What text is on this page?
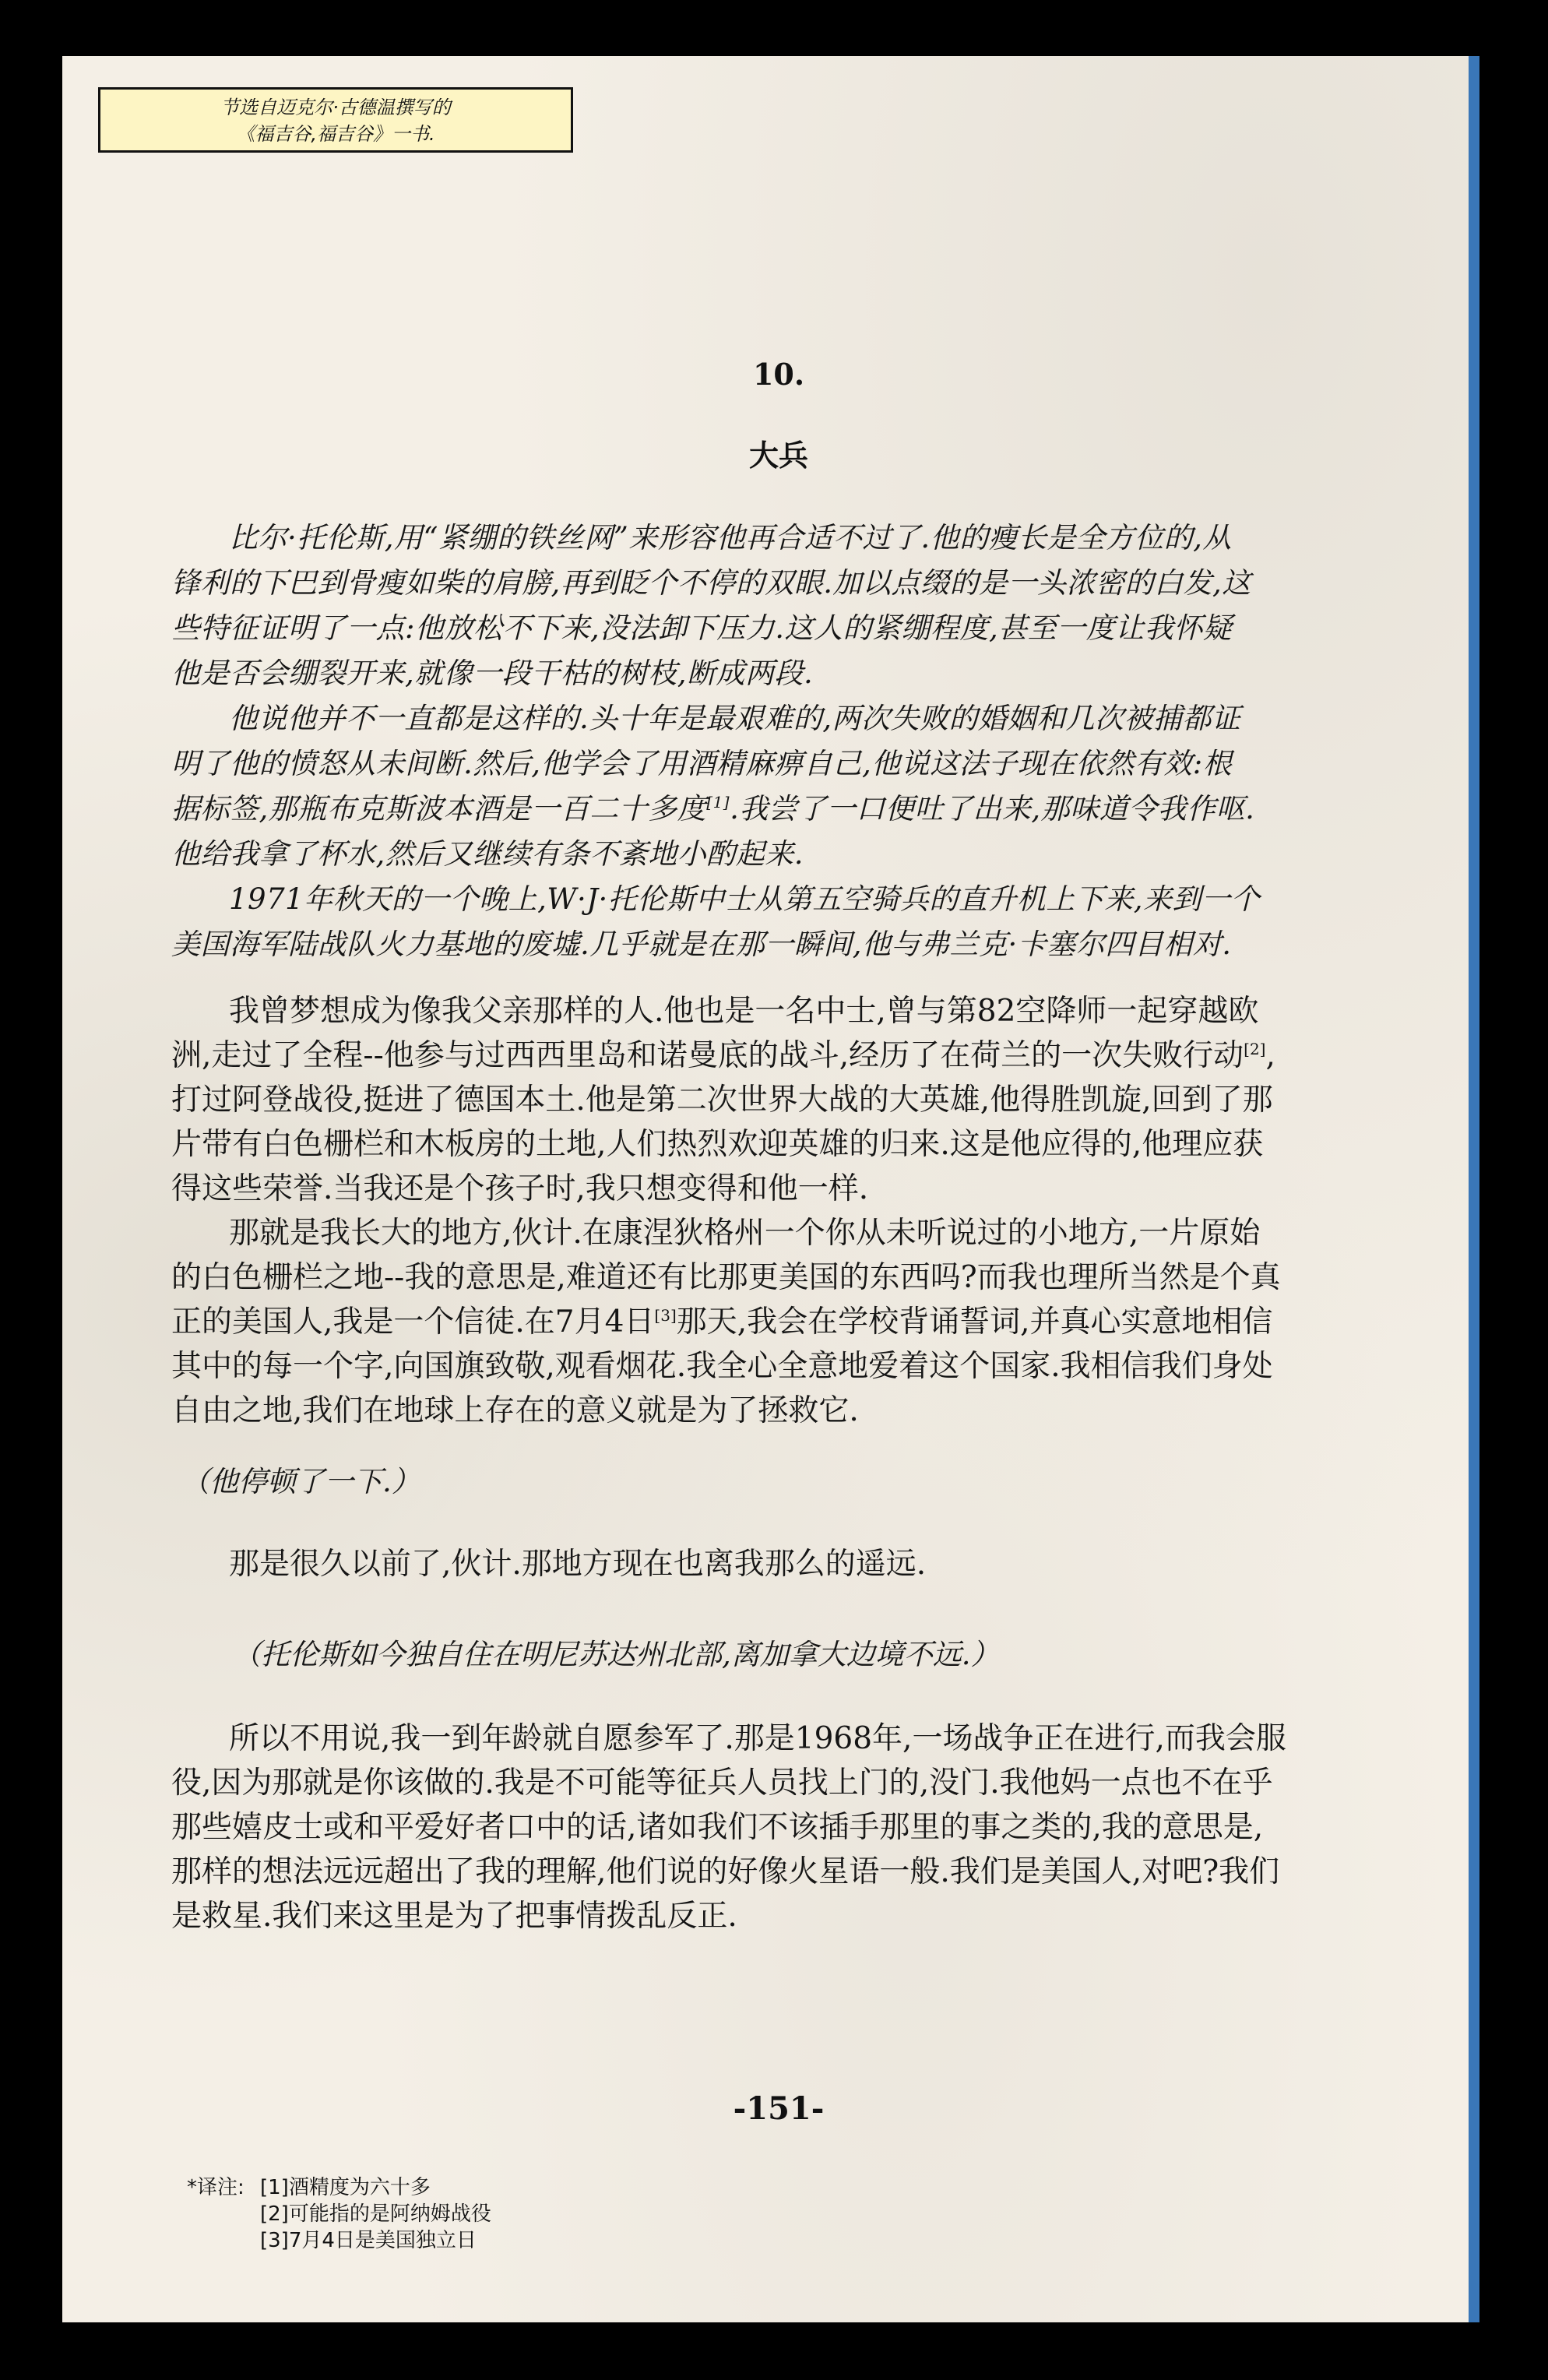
节选自迈克尔·古德温撰写的
《福吉谷,福吉谷》一书.
10.
大兵
比尔·托伦斯,用“紧绷的铁丝网”来形容他再合适不过了.他的瘦长是全方位的,从
锋利的下巴到骨瘦如柴的肩膀,再到眨个不停的双眼.加以点缀的是一头浓密的白发,这
些特征证明了一点:他放松不下来,没法卸下压力.这人的紧绷程度,甚至一度让我怀疑
他是否会绷裂开来,就像一段干枯的树枝,断成两段.
他说他并不一直都是这样的.头十年是最艰难的,两次失败的婚姻和几次被捕都证
明了他的愤怒从未间断.然后,他学会了用酒精麻痹自己,他说这法子现在依然有效:根
据标签,那瓶布克斯波本酒是一百二十多度[1].我尝了一口便吐了出来,那味道令我作呕.
他给我拿了杯水,然后又继续有条不紊地小酌起来.
1971年秋天的一个晚上,W·J·托伦斯中士从第五空骑兵的直升机上下来,来到一个
美国海军陆战队火力基地的废墟.几乎就是在那一瞬间,他与弗兰克·卡塞尔四目相对.
我曾梦想成为像我父亲那样的人.他也是一名中士,曾与第82空降师一起穿越欧
洲,走过了全程--他参与过西西里岛和诺曼底的战斗,经历了在荷兰的一次失败行动[2],
打过阿登战役,挺进了德国本土.他是第二次世界大战的大英雄,他得胜凯旋,回到了那
片带有白色栅栏和木板房的土地,人们热烈欢迎英雄的归来.这是他应得的,他理应获
得这些荣誉.当我还是个孩子时,我只想变得和他一样.
那就是我长大的地方,伙计.在康涅狄格州一个你从未听说过的小地方,一片原始
的白色栅栏之地--我的意思是,难道还有比那更美国的东西吗?而我也理所当然是个真
正的美国人,我是一个信徒.在7月4日[3]那天,我会在学校背诵誓词,并真心实意地相信
其中的每一个字,向国旗致敬,观看烟花.我全心全意地爱着这个国家.我相信我们身处
自由之地,我们在地球上存在的意义就是为了拯救它.
（他停顿了一下.）
那是很久以前了,伙计.那地方现在也离我那么的遥远.
（托伦斯如今独自住在明尼苏达州北部,离加拿大边境不远.）
所以不用说,我一到年龄就自愿参军了.那是1968年,一场战争正在进行,而我会服
役,因为那就是你该做的.我是不可能等征兵人员找上门的,没门.我他妈一点也不在乎
那些嬉皮士或和平爱好者口中的话,诸如我们不该插手那里的事之类的,我的意思是,
那样的想法远远超出了我的理解,他们说的好像火星语一般.我们是美国人,对吧?我们
是救星.我们来这里是为了把事情拨乱反正.
-151-
*译注: [1]酒精度为六十多
[2]可能指的是阿纳姆战役
[3]7月4日是美国独立日
